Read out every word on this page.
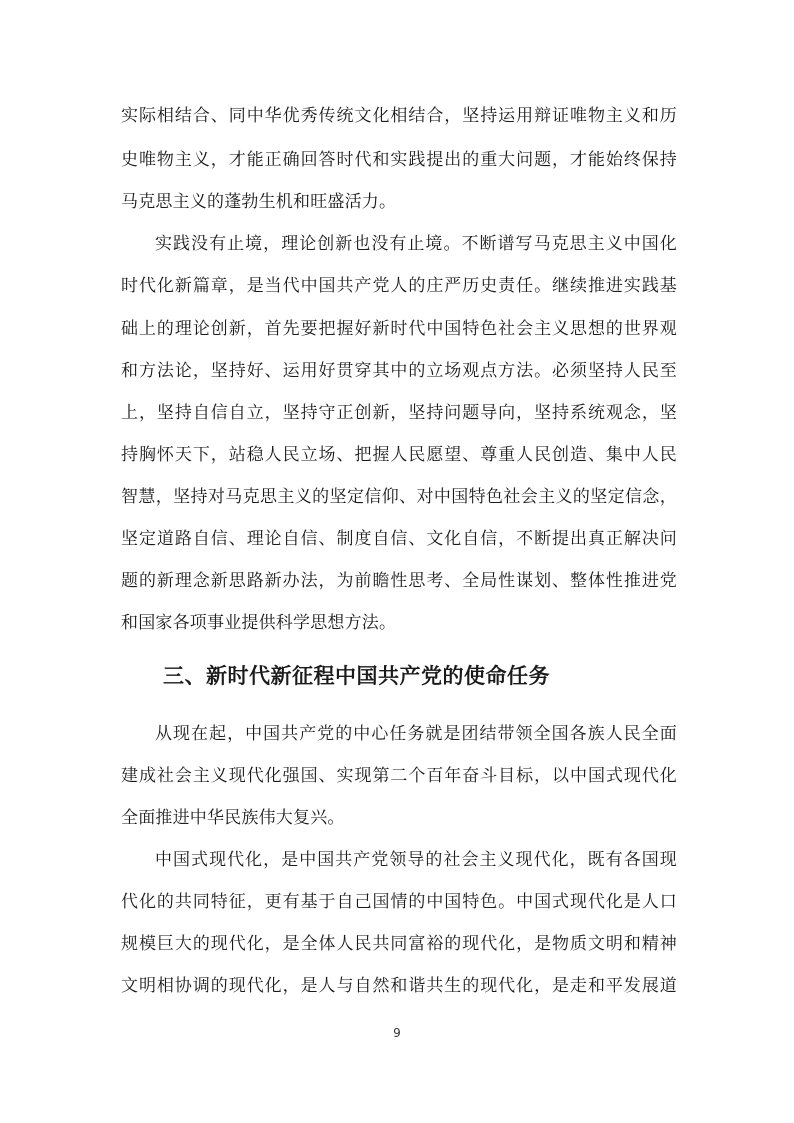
实际相结合、同中华优秀传统文化相结合，坚持运用辩证唯物主义和历
史唯物主义，才能正确回答时代和实践提出的重大问题，才能始终保持
马克思主义的蓬勃生机和旺盛活力。
实践没有止境，理论创新也没有止境。不断谱写马克思主义中国化
时代化新篇章，是当代中国共产党人的庄严历史责任。继续推进实践基
础上的理论创新，首先要把握好新时代中国特色社会主义思想的世界观
和方法论，坚持好、运用好贯穿其中的立场观点方法。必须坚持人民至
上，坚持自信自立，坚持守正创新，坚持问题导向，坚持系统观念，坚
持胸怀天下，站稳人民立场、把握人民愿望、尊重人民创造、集中人民
智慧，坚持对马克思主义的坚定信仰、对中国特色社会主义的坚定信念，
坚定道路自信、理论自信、制度自信、文化自信，不断提出真正解决问
题的新理念新思路新办法，为前瞻性思考、全局性谋划、整体性推进党
和国家各项事业提供科学思想方法。
三、新时代新征程中国共产党的使命任务
从现在起，中国共产党的中心任务就是团结带领全国各族人民全面
建成社会主义现代化强国、实现第二个百年奋斗目标，以中国式现代化
全面推进中华民族伟大复兴。
中国式现代化，是中国共产党领导的社会主义现代化，既有各国现
代化的共同特征，更有基于自己国情的中国特色。中国式现代化是人口
规模巨大的现代化，是全体人民共同富裕的现代化，是物质文明和精神
文明相协调的现代化，是人与自然和谐共生的现代化，是走和平发展道
9
